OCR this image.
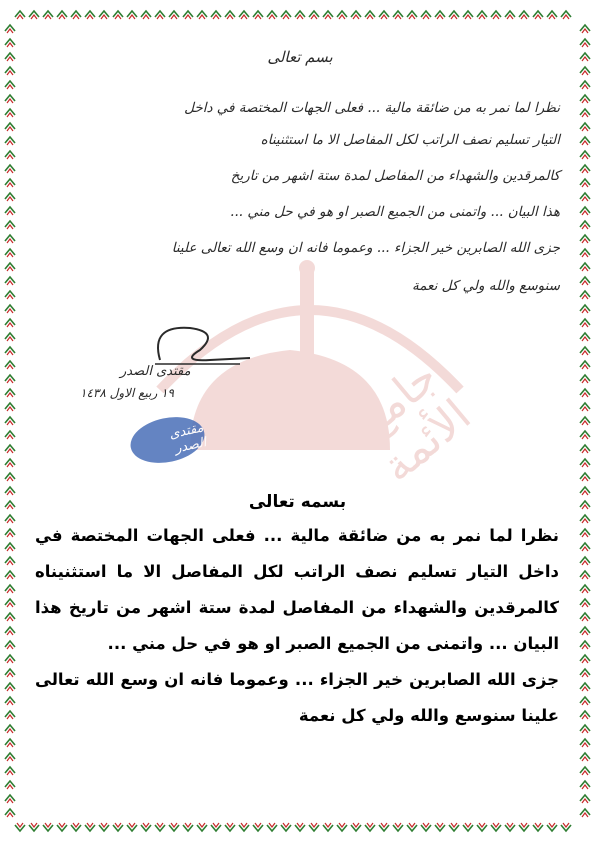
جامع الأئمة
بسم تعالى
نظرا لما نمر به من ضائقة مالية ... فعلى الجهات المختصة في داخل
التيار تسليم نصف الراتب لكل المفاصل الا ما استثنيناه
كالمرقدين والشهداء من المفاصل لمدة ستة اشهر من تاريخ
هذا البيان ... واتمنى من الجميع الصبر او هو في حل مني ...
جزى الله الصابرين خير الجزاء ... وعموما فانه ان وسع الله تعالى علينا
سنوسع والله ولي كل نعمة
مقتدى الصدر
١٩ ربيع الاول ١٤٣٨
مقتدى الصدر
بسمه تعالى

نظرا لما نمر به من ضائقة مالية ... فعلى الجهات المختصة في داخل التيار تسليم نصف الراتب لكل المفاصل الا ما استثنيناه كالمرقدين والشهداء من المفاصل لمدة ستة اشهر من تاريخ هذا البيان ... واتمنى من الجميع الصبر او هو في حل مني ...

جزى الله الصابرين خير الجزاء ... وعموما فانه ان وسع الله تعالى علينا سنوسع والله ولي كل نعمة
